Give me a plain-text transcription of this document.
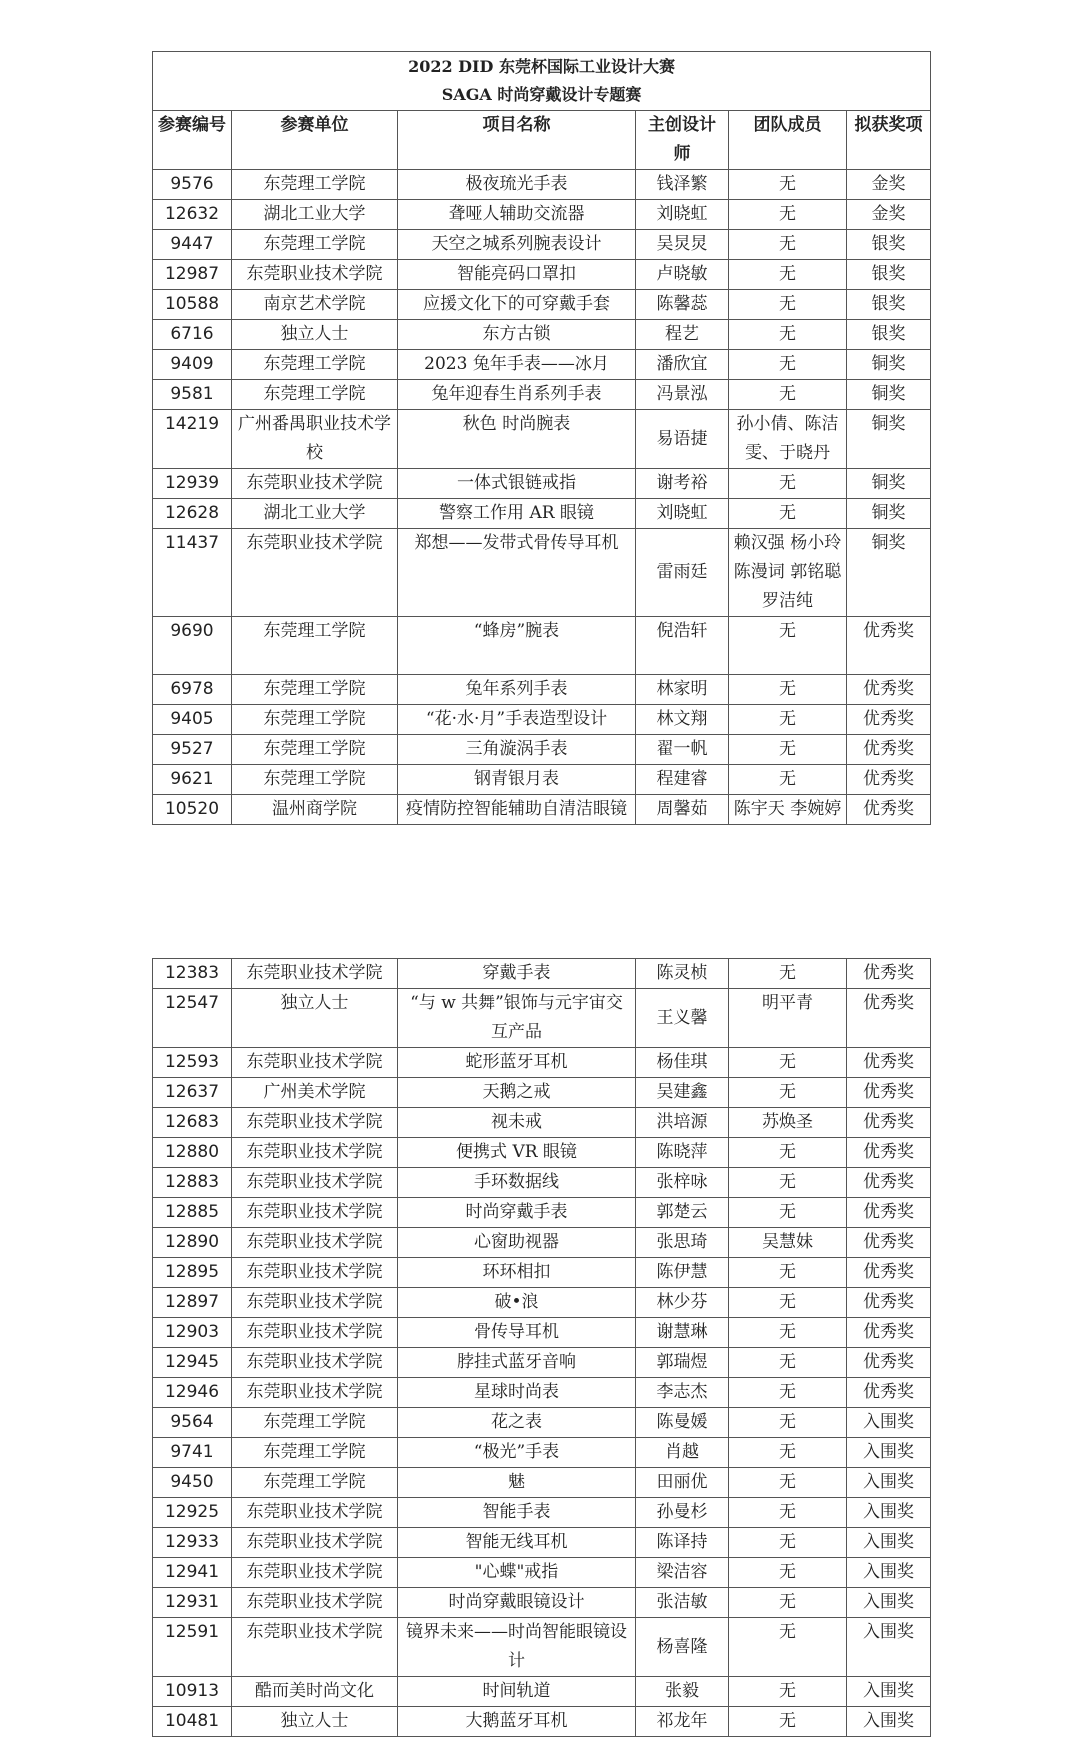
2022 DID 东莞杯国际工业设计大赛
SAGA 时尚穿戴设计专题赛					

参赛编号	参赛单位	项目名称	主创设计师	团队成员	拟获奖项
9576	东莞理工学院	极夜琉光手表	钱泽繁	无	金奖
12632	湖北工业大学	聋哑人辅助交流器	刘晓虹	无	金奖
9447	东莞理工学院	天空之城系列腕表设计	吴炅炅	无	银奖
12987	东莞职业技术学院	智能亮码口罩扣	卢晓敏	无	银奖
10588	南京艺术学院	应援文化下的可穿戴手套	陈馨蕊	无	银奖
6716	独立人士	东方古锁	程艺	无	银奖
9409	东莞理工学院	2023 兔年手表——冰月	潘欣宜	无	铜奖
9581	东莞理工学院	兔年迎春生肖系列手表	冯景泓	无	铜奖
14219	广州番禺职业技术学校	秋色 时尚腕表	易语捷	孙小倩、陈洁雯、于晓丹	铜奖
12939	东莞职业技术学院	一体式银链戒指	谢考裕	无	铜奖
12628	湖北工业大学	警察工作用 AR 眼镜	刘晓虹	无	铜奖
11437	东莞职业技术学院	郑想——发带式骨传导耳机	雷雨廷	赖汉强 杨小玲 陈漫词 郭铭聪 罗洁纯	铜奖
9690	东莞理工学院	“蜂房”腕表	倪浩轩	无	优秀奖
6978	东莞理工学院	兔年系列手表	林家明	无	优秀奖
9405	东莞理工学院	“花·水·月”手表造型设计	林文翔	无	优秀奖
9527	东莞理工学院	三角漩涡手表	翟一帆	无	优秀奖
9621	东莞理工学院	钢青银月表	程建睿	无	优秀奖
10520	温州商学院	疫情防控智能辅助自清洁眼镜	周馨茹	陈宇天 李婉婷	优秀奖
12383	东莞职业技术学院	穿戴手表	陈灵桢	无	优秀奖
12547	独立人士	“与 w 共舞”银饰与元宇宙交互产品	王义馨	明平青	优秀奖
12593	东莞职业技术学院	蛇形蓝牙耳机	杨佳琪	无	优秀奖
12637	广州美术学院	天鹅之戒	吴建鑫	无	优秀奖
12683	东莞职业技术学院	视未戒	洪培源	苏焕圣	优秀奖
12880	东莞职业技术学院	便携式 VR 眼镜	陈晓萍	无	优秀奖
12883	东莞职业技术学院	手环数据线	张梓咏	无	优秀奖
12885	东莞职业技术学院	时尚穿戴手表	郭楚云	无	优秀奖
12890	东莞职业技术学院	心窗助视器	张思琦	吴慧妹	优秀奖
12895	东莞职业技术学院	环环相扣	陈伊慧	无	优秀奖
12897	东莞职业技术学院	破•浪	林少芬	无	优秀奖
12903	东莞职业技术学院	骨传导耳机	谢慧琳	无	优秀奖
12945	东莞职业技术学院	脖挂式蓝牙音响	郭瑞煜	无	优秀奖
12946	东莞职业技术学院	星球时尚表	李志杰	无	优秀奖
9564	东莞理工学院	花之表	陈曼媛	无	入围奖
9741	东莞理工学院	“极光”手表	肖越	无	入围奖
9450	东莞理工学院	魅	田丽优	无	入围奖
12925	东莞职业技术学院	智能手表	孙曼杉	无	入围奖
12933	东莞职业技术学院	智能无线耳机	陈译持	无	入围奖
12941	东莞职业技术学院	"心蝶"戒指	梁洁容	无	入围奖
12931	东莞职业技术学院	时尚穿戴眼镜设计	张洁敏	无	入围奖
12591	东莞职业技术学院	镜界未来——时尚智能眼镜设计	杨喜隆	无	入围奖
10913	酷而美时尚文化	时间轨道	张毅	无	入围奖
10481	独立人士	大鹅蓝牙耳机	祁龙年	无	入围奖
